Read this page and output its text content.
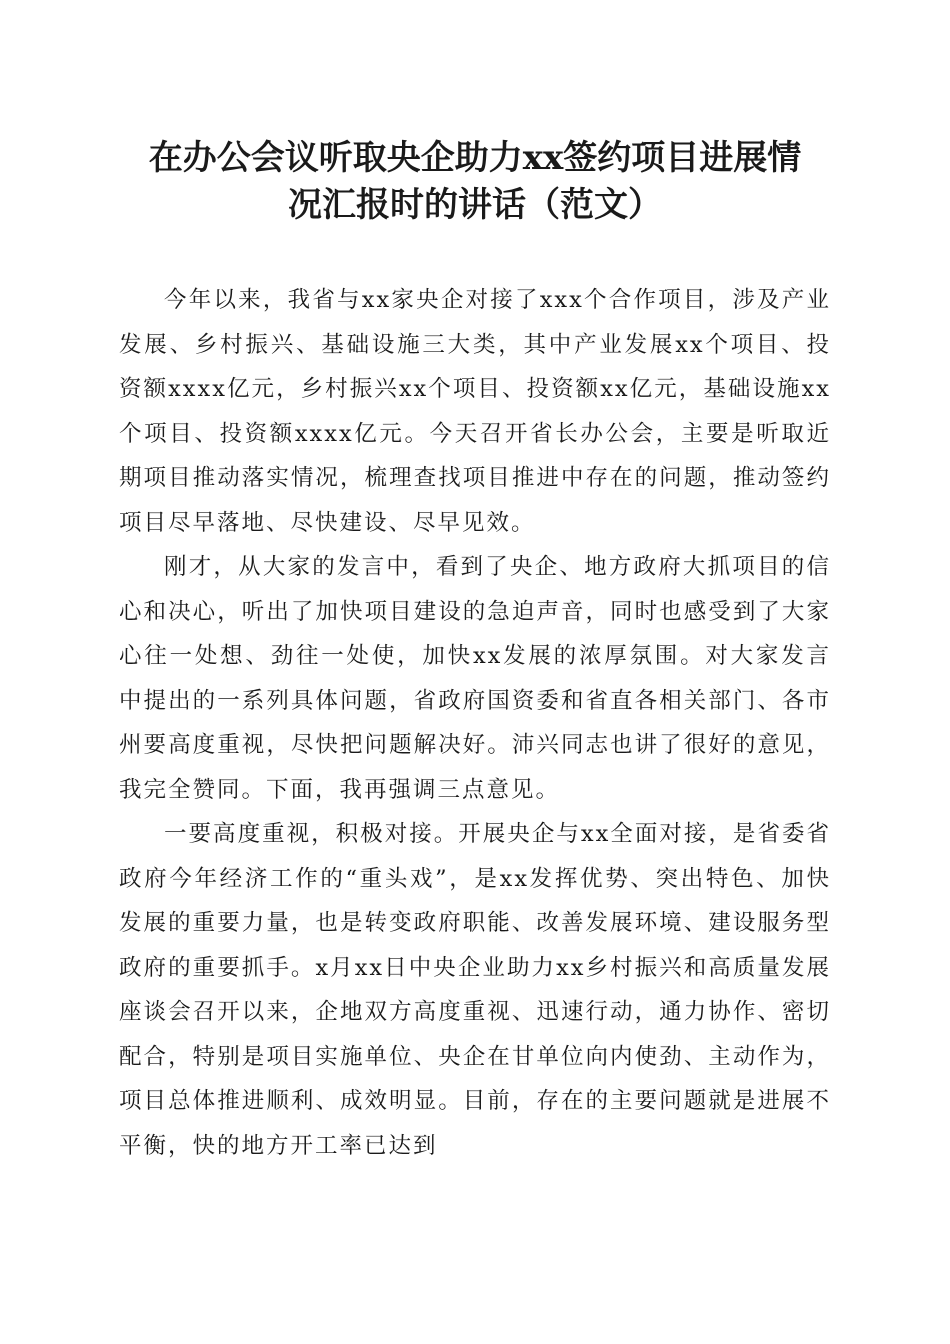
在办公会议听取央企助力xx签约项目进展情
况汇报时的讲话（范文）

今年以来，我省与xx家央企对接了xxx个合作项目，涉及产业发展、乡村振兴、基础设施三大类，其中产业发展xx个项目、投资额xxxx亿元，乡村振兴xx个项目、投资额xx亿元，基础设施xx个项目、投资额xxxx亿元。今天召开省长办公会，主要是听取近期项目推动落实情况，梳理查找项目推进中存在的问题，推动签约项目尽早落地、尽快建设、尽早见效。

刚才，从大家的发言中，看到了央企、地方政府大抓项目的信心和决心，听出了加快项目建设的急迫声音，同时也感受到了大家心往一处想、劲往一处使，加快xx发展的浓厚氛围。对大家发言中提出的一系列具体问题，省政府国资委和省直各相关部门、各市州要高度重视，尽快把问题解决好。沛兴同志也讲了很好的意见，我完全赞同。下面，我再强调三点意见。

一要高度重视，积极对接。开展央企与xx全面对接，是省委省政府今年经济工作的“重头戏”，是xx发挥优势、突出特色、加快发展的重要力量，也是转变政府职能、改善发展环境、建设服务型政府的重要抓手。x月xx日中央企业助力xx乡村振兴和高质量发展座谈会召开以来，企地双方高度重视、迅速行动，通力协作、密切配合，特别是项目实施单位、央企在甘单位向内使劲、主动作为，项目总体推进顺利、成效明显。目前，存在的主要问题就是进展不平衡，快的地方开工率已达到
